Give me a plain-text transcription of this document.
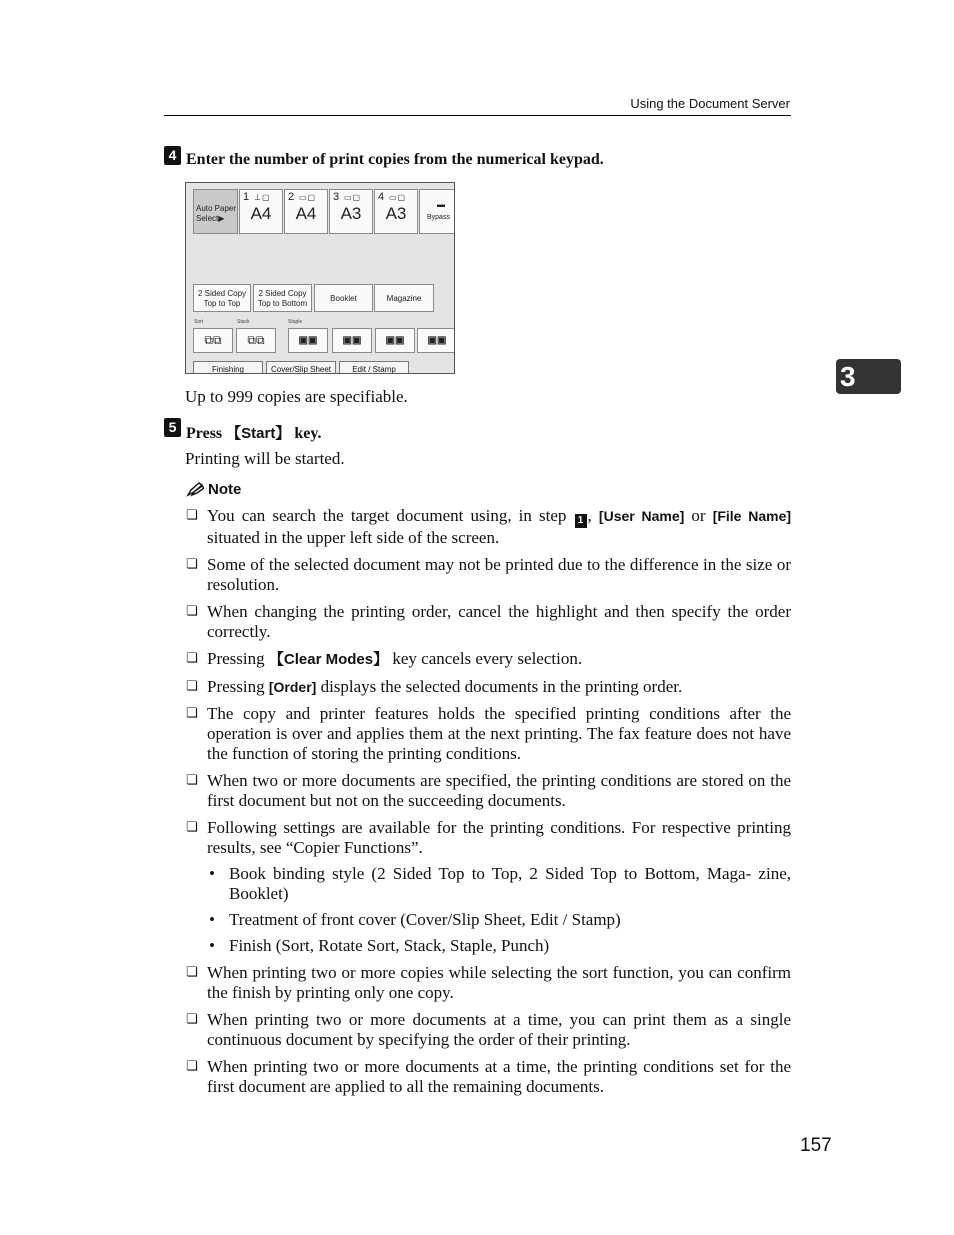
Using the Document Server
3
4 Enter the number of print copies from the numerical keypad.
Auto Paper
Select▶
1 ⊥▢
A4
2 ▭▢
A4
3 ▭▢
A3
4 ▭▢
A3	▬
Bypass
2 Sided Copy
Top to Top
2 Sided Copy
Top to Bottom
Booklet	Magazine
Sort	Stack	Staple
⧉⧉	⧉⧉	▣▣	▣▣	▣▣	▣▣
Finishing	Cover/Slip Sheet	Edit / Stamp
Up to 999 copies are specifiable.
5 Press 【Start】 key.
Printing will be started.
Note
❏ You can search the target document using, in step 1 , [User Name] or [File Name] situated in the upper left side of the screen.
❏ Some of the selected document may not be printed due to the difference in the size or resolution.
❏ When changing the printing order, cancel the highlight and then specify the order correctly.
❏ Pressing 【Clear Modes】 key cancels every selection.
❏ Pressing [Order] displays the selected documents in the printing order.
❏ The copy and printer features holds the specified printing conditions after the operation is over and applies them at the next printing. The fax feature does not have the function of storing the printing conditions.
❏ When two or more documents are specified, the printing conditions are stored on the first document but not on the succeeding documents.
❏ Following settings are available for the printing conditions. For respective printing results, see “Copier Functions”.
• Book binding style (2 Sided Top to Top, 2 Sided Top to Bottom, Maga- zine, Booklet)
• Treatment of front cover (Cover/Slip Sheet, Edit / Stamp)
• Finish (Sort, Rotate Sort, Stack, Staple, Punch)
❏ When printing two or more copies while selecting the sort function, you can confirm the finish by printing only one copy.
❏ When printing two or more documents at a time, you can print them as a single continuous document by specifying the order of their printing.
❏ When printing two or more documents at a time, the printing conditions set for the first document are applied to all the remaining documents.
157
